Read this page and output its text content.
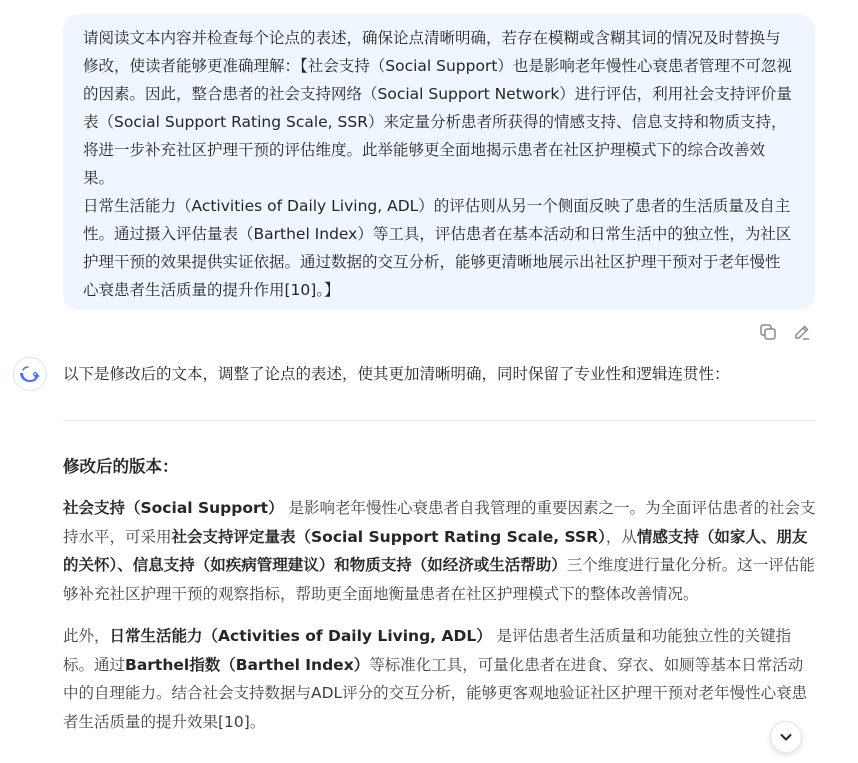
请阅读文本内容并检查每个论点的表述，确保论点清晰明确，若存在模糊或含糊其词的情况及时替换与修改，使读者能够更准确理解：【社会支持（Social Support）也是影响老年慢性心衰患者管理不可忽视的因素。因此，整合患者的社会支持网络（Social Support Network）进行评估，利用社会支持评价量表（Social Support Rating Scale, SSR）来定量分析患者所获得的情感支持、信息支持和物质支持，将进一步补充社区护理干预的评估维度。此举能够更全面地揭示患者在社区护理模式下的综合改善效果。

日常生活能力（Activities of Daily Living, ADL）的评估则从另一个侧面反映了患者的生活质量及自主性。通过摄入评估量表（Barthel Index）等工具，评估患者在基本活动和日常生活中的独立性，为社区护理干预的效果提供实证依据。通过数据的交互分析，能够更清晰地展示出社区护理干预对于老年慢性心衰患者生活质量的提升作用[10]。】

以下是修改后的文本，调整了论点的表述，使其更加清晰明确，同时保留了专业性和逻辑连贯性：
修改后的版本：
社会支持（Social Support） 是影响老年慢性心衰患者自我管理的重要因素之一。为全面评估患者的社会支持水平，可采用社会支持评定量表（Social Support Rating Scale, SSR），从情感支持（如家人、朋友的关怀）、信息支持（如疾病管理建议）和物质支持（如经济或生活帮助）三个维度进行量化分析。这一评估能够补充社区护理干预的观察指标，帮助更全面地衡量患者在社区护理模式下的整体改善情况。
此外，日常生活能力（Activities of Daily Living, ADL） 是评估患者生活质量和功能独立性的关键指标。通过Barthel指数（Barthel Index）等标准化工具，可量化患者在进食、穿衣、如厕等基本日常活动中的自理能力。结合社会支持数据与ADL评分的交互分析，能够更客观地验证社区护理干预对老年慢性心衰患者生活质量的提升效果[10]。
